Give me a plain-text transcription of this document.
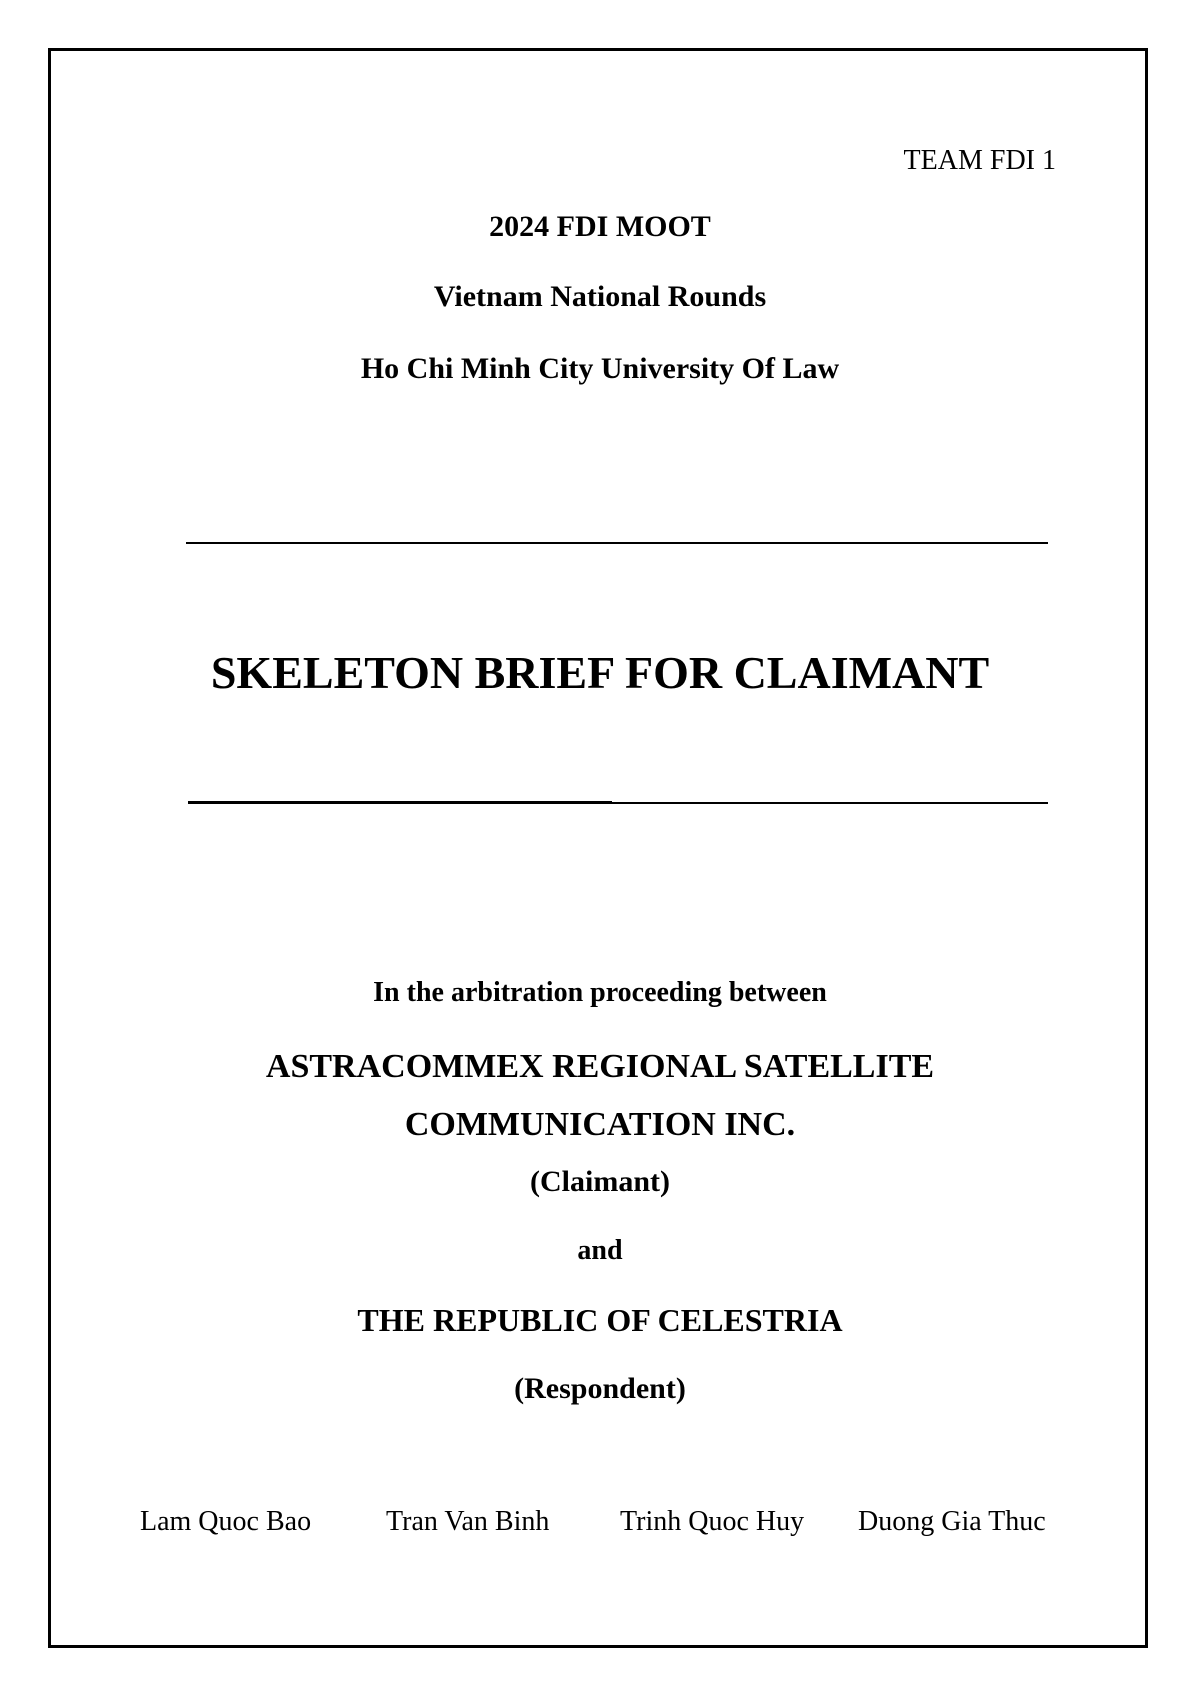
TEAM FDI 1
2024 FDI MOOT
Vietnam National Rounds
Ho Chi Minh City University Of Law
SKELETON BRIEF FOR CLAIMANT
In the arbitration proceeding between
ASTRACOMMEX REGIONAL SATELLITE
COMMUNICATION INC.
(Claimant)
and
THE REPUBLIC OF CELESTRIA
(Respondent)
Lam Quoc Bao	Tran Van Binh	Trinh Quoc Huy Duong Gia Thuc
